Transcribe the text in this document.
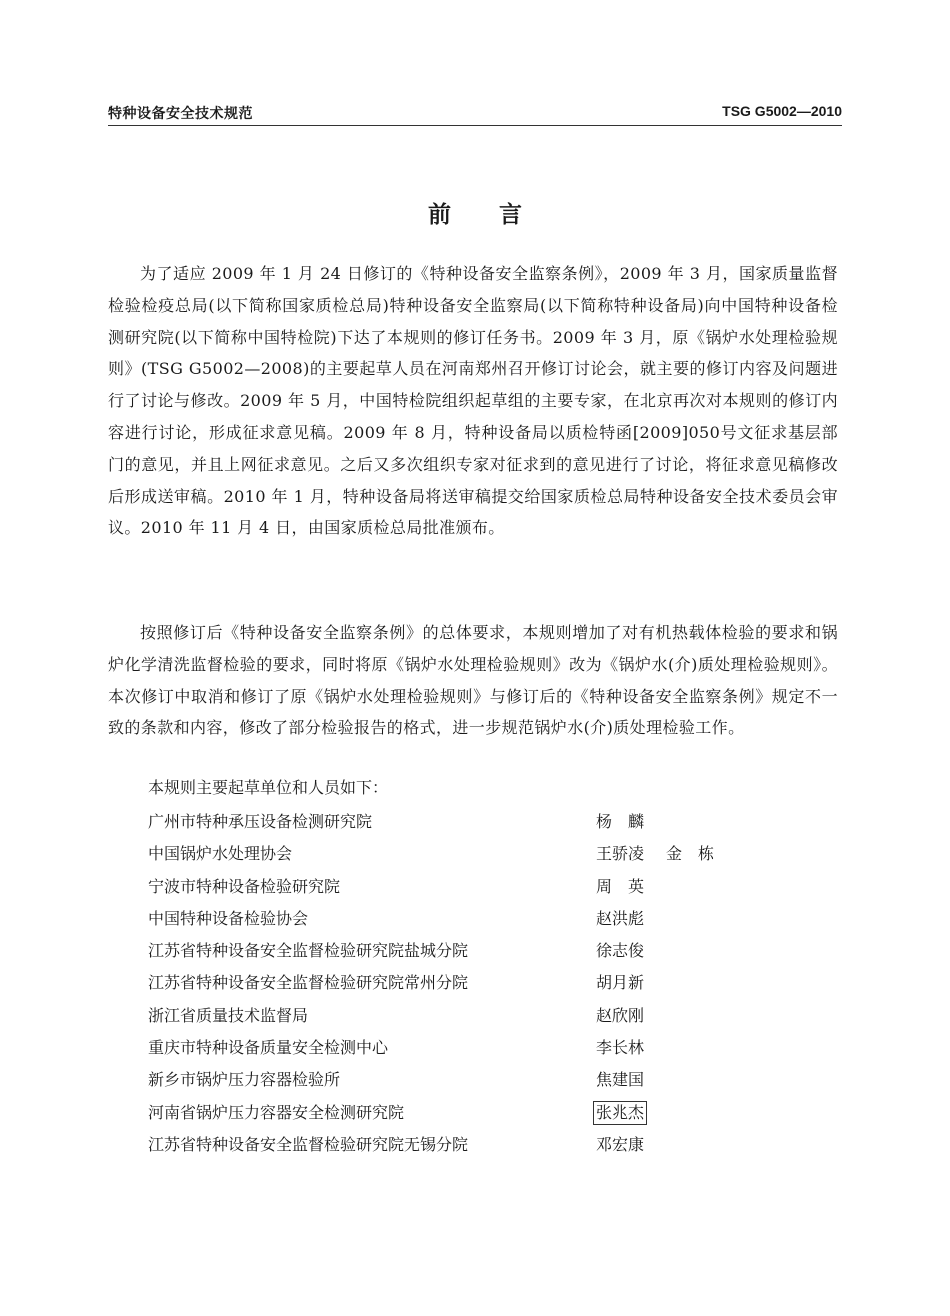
特种设备安全技术规范	TSG G5002—2010
前言

为了适应 2009 年 1 月 24 日修订的《特种设备安全监察条例》，2009 年 3 月，国家质量监督检验检疫总局(以下简称国家质检总局)特种设备安全监察局(以下简称特种设备局)向中国特种设备检测研究院(以下简称中国特检院)下达了本规则的修订任务书。2009 年 3 月，原《锅炉水处理检验规则》(TSG G5002—2008)的主要起草人员在河南郑州召开修订讨论会，就主要的修订内容及问题进行了讨论与修改。2009 年 5 月，中国特检院组织起草组的主要专家，在北京再次对本规则的修订内容进行讨论，形成征求意见稿。2009 年 8 月，特种设备局以质检特函[2009]050号文征求基层部门的意见，并且上网征求意见。之后又多次组织专家对征求到的意见进行了讨论，将征求意见稿修改后形成送审稿。2010 年 1 月，特种设备局将送审稿提交给国家质检总局特种设备安全技术委员会审议。2010 年 11 月 4 日，由国家质检总局批准颁布。

按照修订后《特种设备安全监察条例》的总体要求，本规则增加了对有机热载体检验的要求和锅炉化学清洗监督检验的要求，同时将原《锅炉水处理检验规则》改为《锅炉水(介)质处理检验规则》。本次修订中取消和修订了原《锅炉水处理检验规则》与修订后的《特种设备安全监察条例》规定不一致的条款和内容，修改了部分检验报告的格式，进一步规范锅炉水(介)质处理检验工作。

本规则主要起草单位和人员如下：
广州市特种承压设备检测研究院	杨　麟
中国锅炉水处理协会	王骄凌 金　栋
宁波市特种设备检验研究院	周　英
中国特种设备检验协会	赵洪彪
江苏省特种设备安全监督检验研究院盐城分院	徐志俊
江苏省特种设备安全监督检验研究院常州分院	胡月新
浙江省质量技术监督局	赵欣刚
重庆市特种设备质量安全检测中心	李长林
新乡市锅炉压力容器检验所	焦建国
河南省锅炉压力容器安全检测研究院	张兆杰
江苏省特种设备安全监督检验研究院无锡分院	邓宏康
